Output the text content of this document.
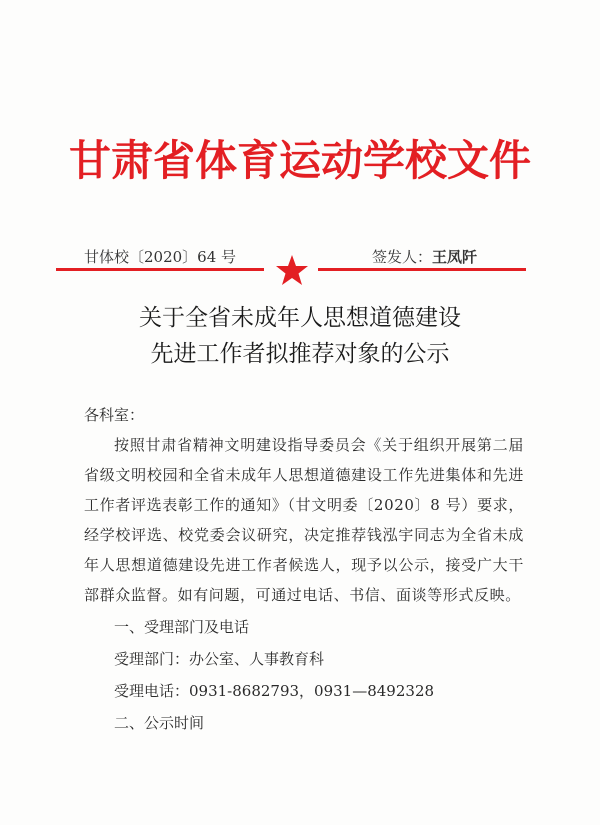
甘肃省体育运动学校文件
甘体校〔2020〕64 号	签发人：王凤阡
关于全省未成年人思想道德建设
先进工作者拟推荐对象的公示
各科室：

按照甘肃省精神文明建设指导委员会《关于组织开展第二届省级文明校园和全省未成年人思想道德建设工作先进集体和先进工作者评选表彰工作的通知》（甘文明委〔2020〕8 号）要求，经学校评选、校党委会议研究，决定推荐钱泓宇同志为全省未成年人思想道德建设先进工作者候选人，现予以公示，接受广大干部群众监督。如有问题，可通过电话、书信、面谈等形式反映。

一、受理部门及电话
受理部门：办公室、人事教育科
受理电话：0931-8682793，0931—8492328
二、公示时间
